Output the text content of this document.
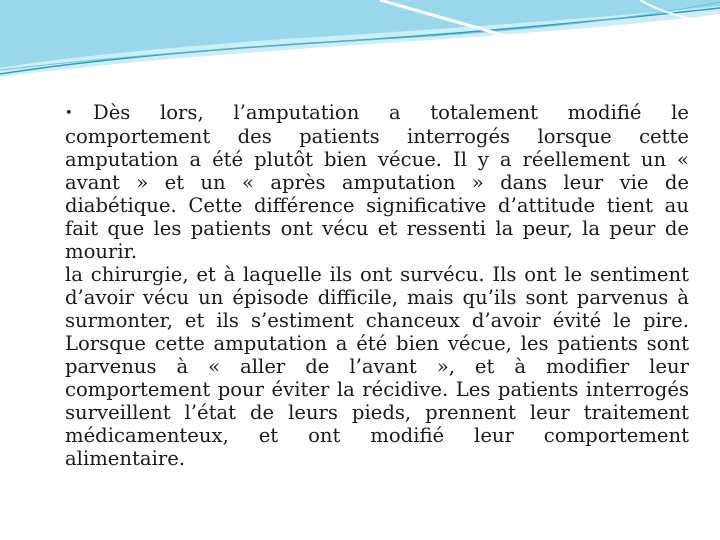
• Dès lors, l’amputation a totalement modifié le comportement des patients interrogés lorsque cette amputation a été plutôt bien vécue. Il y a réellement un « avant » et un « après amputation » dans leur vie de diabétique. Cette différence significative d’attitude tient au fait que les patients ont vécu et ressenti la peur, la peur de mourir.

la chirurgie, et à laquelle ils ont survécu. Ils ont le sentiment d’avoir vécu un épisode difficile, mais qu’ils sont parvenus à surmonter, et ils s’estiment chanceux d’avoir évité le pire. Lorsque cette amputation a été bien vécue, les patients sont parvenus à « aller de l’avant », et à modifier leur comportement pour éviter la récidive. Les patients interrogés surveillent l’état de leurs pieds, prennent leur traitement médicamenteux, et ont modifié leur comportement alimentaire.
